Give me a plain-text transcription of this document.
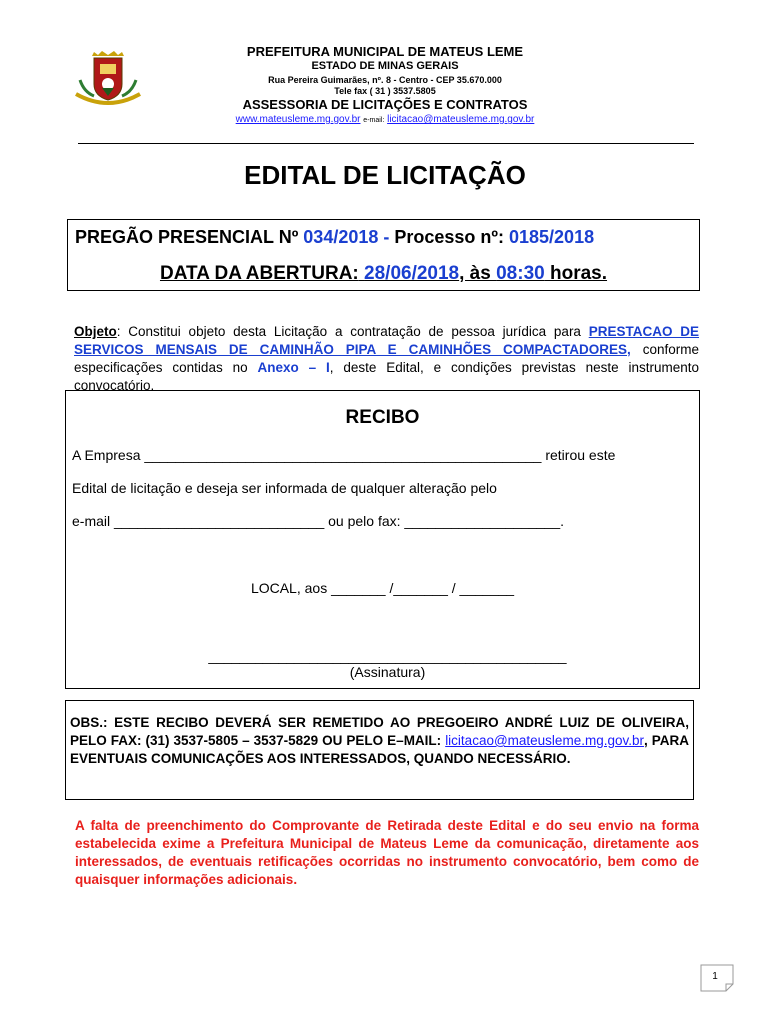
PREFEITURA MUNICIPAL DE MATEUS LEME
ESTADO DE MINAS GERAIS
Rua Pereira Guimarães, nº. 8 - Centro - CEP 35.670.000
Tele fax ( 31 ) 3537.5805
ASSESSORIA DE LICITAÇÕES E CONTRATOS
www.mateusleme.mg.gov.br e-mail: licitacao@mateusleme.mg.gov.br
EDITAL DE LICITAÇÃO
PREGÃO PRESENCIAL Nº 034/2018 - Processo nº: 0185/2018
DATA DA ABERTURA: 28/06/2018, às 08:30 horas.
Objeto: Constitui objeto desta Licitação a contratação de pessoa jurídica para PRESTACAO DE SERVICOS MENSAIS DE CAMINHÃO PIPA E CAMINHÕES COMPACTADORES, conforme especificações contidas no Anexo – I, deste Edital, e condições previstas neste instrumento convocatório.
RECIBO
A Empresa ___________________________________________________ retirou este
Edital de licitação e deseja ser informada de qualquer alteração pelo
e-mail ___________________________ ou pelo fax: ____________________.
LOCAL, aos _______ /_______ / _______
______________________________________________
(Assinatura)
OBS.: ESTE RECIBO DEVERÁ SER REMETIDO AO PREGOEIRO ANDRÉ LUIZ DE OLIVEIRA, PELO FAX: (31) 3537-5805 – 3537-5829 OU PELO E–MAIL: licitacao@mateusleme.mg.gov.br, PARA EVENTUAIS COMUNICAÇÕES AOS INTERESSADOS, QUANDO NECESSÁRIO.
A falta de preenchimento do Comprovante de Retirada deste Edital e do seu envio na forma estabelecida exime a Prefeitura Municipal de Mateus Leme da comunicação, diretamente aos interessados, de eventuais retificações ocorridas no instrumento convocatório, bem como de quaisquer informações adicionais.
1
